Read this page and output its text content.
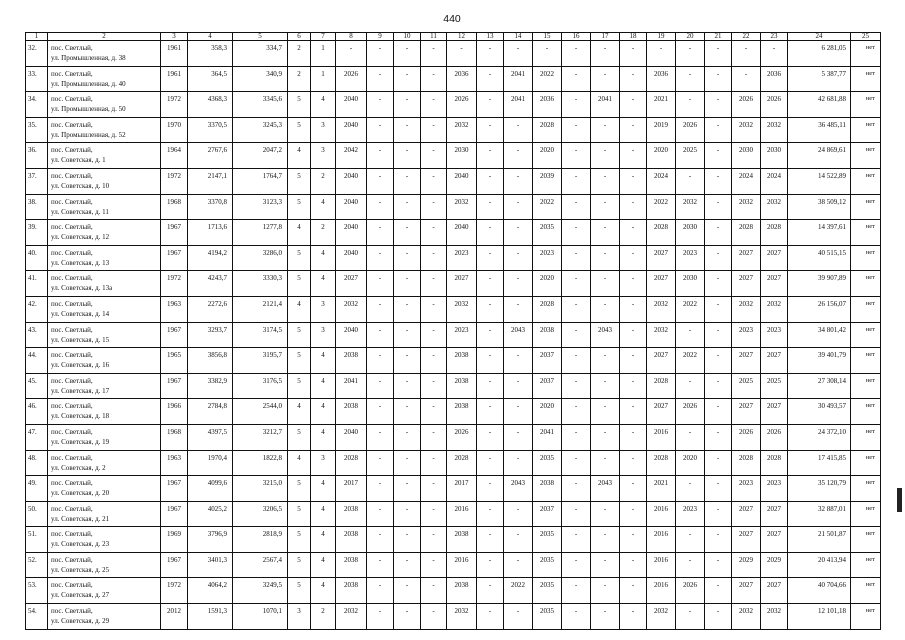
440
1	2	3	4	5	6	7	8	9	10	11	12	13	14	15	16	17	18	19	20	21	22	23	24	25
32.	пос. Светлый,
ул. Промышленная, д. 38	1961	358,3	334,7	2	1	-	-	-	-	-	-	-	-	-	-	-	-	-	-	-	-	6 281,05	нет
33.	пос. Светлый,
ул. Промышленная, д. 40	1961	364,5	340,9	2	1	2026	-	-	-	2036	-	2041	2022	-	-	-	2036	-	-	-	2036	5 387,77	нет
34.	пос. Светлый,
ул. Промышленная, д. 50	1972	4368,3	3345,6	5	4	2040	-	-	-	2026	-	2041	2036	-	2041	-	2021	-	-	2026	2026	42 681,88	нет
35.	пос. Светлый,
ул. Промышленная, д. 52	1970	3370,5	3245,3	5	3	2040	-	-	-	2032	-	-	2028	-	-	-	2019	2026	-	2032	2032	36 485,11	нет
36.	пос. Светлый,
ул. Советская, д. 1	1964	2767,6	2047,2	4	3	2042	-	-	-	2030	-	-	2020	-	-	-	2020	2025	-	2030	2030	24 869,61	нет
37.	пос. Светлый,
ул. Советская, д. 10	1972	2147,1	1764,7	5	2	2040	-	-	-	2040	-	-	2039	-	-	-	2024	-	-	2024	2024	14 522,89	нет
38.	пос. Светлый,
ул. Советская, д. 11	1968	3370,8	3123,3	5	4	2040	-	-	-	2032	-	-	2022	-	-	-	2022	2032	-	2032	2032	38 509,12	нет
39.	пос. Светлый,
ул. Советская, д. 12	1967	1713,6	1277,8	4	2	2040	-	-	-	2040	-	-	2035	-	-	-	2028	2030	-	2028	2028	14 397,61	нет
40.	пос. Светлый,
ул. Советская, д. 13	1967	4194,2	3286,0	5	4	2040	-	-	-	2023	-	-	2023	-	-	-	2027	2023	-	2027	2027	40 515,15	нет
41.	пос. Светлый,
ул. Советская, д. 13а	1972	4243,7	3330,3	5	4	2027	-	-	-	2027	-	-	2020	-	-	-	2027	2030	-	2027	2027	39 907,89	нет
42.	пос. Светлый,
ул. Советская, д. 14	1963	2272,6	2121,4	4	3	2032	-	-	-	2032	-	-	2028	-	-	-	2032	2022	-	2032	2032	26 156,07	нет
43.	пос. Светлый,
ул. Советская, д. 15	1967	3293,7	3174,5	5	3	2040	-	-	-	2023	-	2043	2038	-	2043	-	2032	-	-	2023	2023	34 801,42	нет
44.	пос. Светлый,
ул. Советская, д. 16	1965	3856,8	3195,7	5	4	2038	-	-	-	2038	-	-	2037	-	-	-	2027	2022	-	2027	2027	39 401,79	нет
45.	пос. Светлый,
ул. Советская, д. 17	1967	3382,9	3176,5	5	4	2041	-	-	-	2038	-	-	2037	-	-	-	2028	-	-	2025	2025	27 308,14	нет
46.	пос. Светлый,
ул. Советская, д. 18	1966	2784,8	2544,0	4	4	2038	-	-	-	2038	-	-	2020	-	-	-	2027	2026	-	2027	2027	30 493,57	нет
47.	пос. Светлый,
ул. Советская, д. 19	1968	4397,5	3212,7	5	4	2040	-	-	-	2026	-	-	2041	-	-	-	2016	-	-	2026	2026	24 372,10	нет
48.	пос. Светлый,
ул. Советская, д. 2	1963	1970,4	1822,8	4	3	2028	-	-	-	2028	-	-	2035	-	-	-	2028	2020	-	2028	2028	17 415,85	нет
49.	пос. Светлый,
ул. Советская, д. 20	1967	4099,6	3215,0	5	4	2017	-	-	-	2017	-	2043	2038	-	2043	-	2021	-	-	2023	2023	35 120,79	нет
50.	пос. Светлый,
ул. Советская, д. 21	1967	4025,2	3206,5	5	4	2038	-	-	-	2016	-	-	2037	-	-	-	2016	2023	-	2027	2027	32 887,01	нет
51.	пос. Светлый,
ул. Советская, д. 23	1969	3796,9	2818,9	5	4	2038	-	-	-	2038	-	-	2035	-	-	-	2016	-	-	2027	2027	21 501,87	нет
52.	пос. Светлый,
ул. Советская, д. 25	1967	3401,3	2567,4	5	4	2038	-	-	-	2016	-	-	2035	-	-	-	2016	-	-	2029	2029	20 413,94	нет
53.	пос. Светлый,
ул. Советская, д. 27	1972	4064,2	3249,5	5	4	2038	-	-	-	2038	-	2022	2035	-	-	-	2016	2026	-	2027	2027	40 704,66	нет
54.	пос. Светлый,
ул. Советская, д. 29	2012	1591,3	1070,1	3	2	2032	-	-	-	2032	-	-	2035	-	-	-	2032	-	-	2032	2032	12 101,18	нет
